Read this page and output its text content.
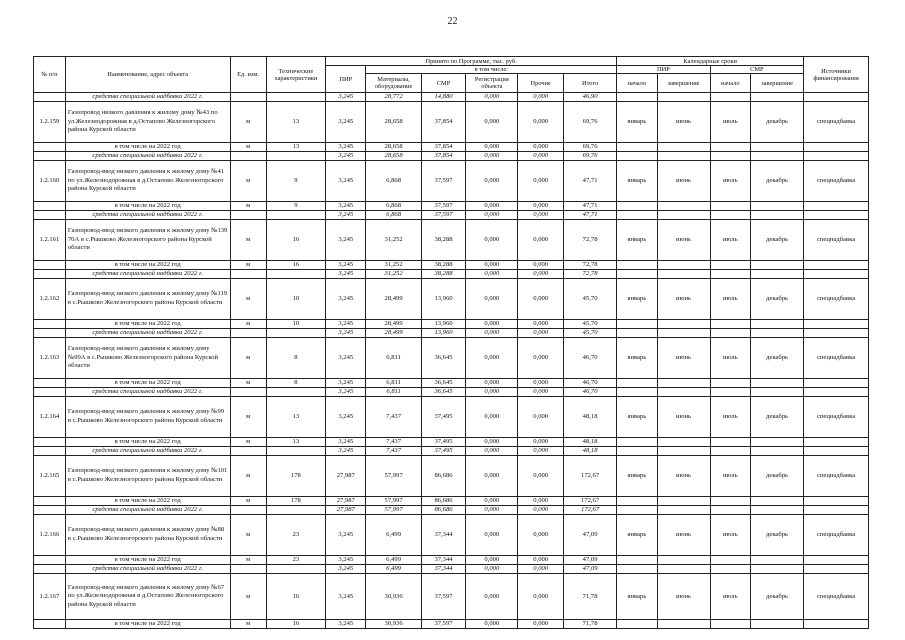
22
№ п/п	Наименование, адрес объекта	Ед. изм.	Технические характеристики	Принято по Программе, тыс. руб.						Календарные сроки				Источники финансирования
				ПИР	в том числе:					ПИР		СМР		
					Материалы, оборудование	СМР	Регистрация объекта	Прочие	Итого	начало	завершение	начало	завершение	
	средства специальной надбавки 2022 г.			3,245	28,772	14,880	0,000	0,000	46,90					
1.2.159	Газопровод низкого давления к жилому дому №43 по ул.Железнодорожная в д.Остапово Железногорского района Курской области	м	13	3,245	28,658	37,854	0,000	0,000	69,76	январь	июнь	июль	декабрь	спецнадбавка
	в том числе на 2022 год	м	13	3,245	28,658	37,854	0,000	0,000	69,76					
	средства специальной надбавки 2022 г.			3,245	28,658	37,854	0,000	0,000	69,76					
1.2.160	Газопровод-ввод низкого давления к жилому дому №41 по ул.Железнодорожная в д.Остапово Железногорского района Курской области	м	9	3,245	6,868	37,597	0,000	0,000	47,71	январь	июнь	июль	декабрь	спецнадбавка
	в том числе на 2022 год	м	9	3,245	6,868	37,597	0,000	0,000	47,71					
	средства специальной надбавки 2022 г.			3,245	6,868	37,597	0,000	0,000	47,71					
1.2.161	Газопровод-ввод низкого давления к жилому дому №139 70А в с.Рышково Железногорского района Курской области	м	16	3,245	31,252	38,288	0,000	0,000	72,78	январь	июнь	июль	декабрь	спецнадбавка
	в том числе на 2022 год	м	16	3,245	31,252	38,288	0,000	0,000	72,78					
	средства специальной надбавки 2022 г.			3,245	31,252	38,288	0,000	0,000	72,78					
1.2.162	Газопровод-ввод низкого давления к жилому дому №119 в с.Рышково Железногорского района Курской области	м	10	3,245	28,499	13,960	0,000	0,000	45,70	январь	июнь	июль	декабрь	спецнадбавка
	в том числе на 2022 год	м	10	3,245	28,499	13,960	0,000	0,000	45,70					
	средства специальной надбавки 2022 г.			3,245	28,499	13,960	0,000	0,000	45,70					
1.2.163	Газопровод-ввод низкого давления к жилому дому №99А в с.Рышково Железногорского района Курской области	м	8	3,245	6,811	36,645	0,000	0,000	46,70	январь	июнь	июль	декабрь	спецнадбавка
	в том числе на 2022 год	м	8	3,245	6,811	36,645	0,000	0,000	46,70					
	средства специальной надбавки 2022 г.			3,245	6,811	36,645	0,000	0,000	46,70					
1.2.164	Газопровод-ввод низкого давления к жилому дому №99 в с.Рышково Железногорского района Курской области	м	13	3,245	7,437	37,495	0,000	0,000	48,18	январь	июнь	июль	декабрь	спецнадбавка
	в том числе на 2022 год	м	13	3,245	7,437	37,495	0,000	0,000	48,18					
	средства специальной надбавки 2022 г.			3,245	7,437	37,495	0,000	0,000	48,18					
1.2.165	Газопровод-ввод низкого давления к жилому дому №101 в с.Рышково Железногорского района Курской области	м	178	27,987	57,997	86,686	0,000	0,000	172,67	январь	июнь	июль	декабрь	спецнадбавка
	в том числе на 2022 год	м	178	27,987	57,997	86,686	0,000	0,000	172,67					
	средства специальной надбавки 2022 г.			27,987	57,997	86,686	0,000	0,000	172,67					
1.2.166	Газопровод-ввод низкого давления к жилому дому №88 в с.Рышково Железногорского района Курской области	м	23	3,245	6,499	37,344	0,000	0,000	47,09	январь	июнь	июль	декабрь	спецнадбавка
	в том числе на 2022 год	м	23	3,245	6,499	37,344	0,000	0,000	47,09					
	средства специальной надбавки 2022 г.			3,245	6,499	37,344	0,000	0,000	47,09					
1.2.167	Газопровод-ввод низкого давления к жилому дому №67 по ул.Железнодорожная в д.Остапово Железногорского района Курской области	м	16	3,245	30,936	37,597	0,000	0,000	71,78	январь	июнь	июль	декабрь	спецнадбавка
	в том числе на 2022 год	м	16	3,245	30,936	37,597	0,000	0,000	71,78					
